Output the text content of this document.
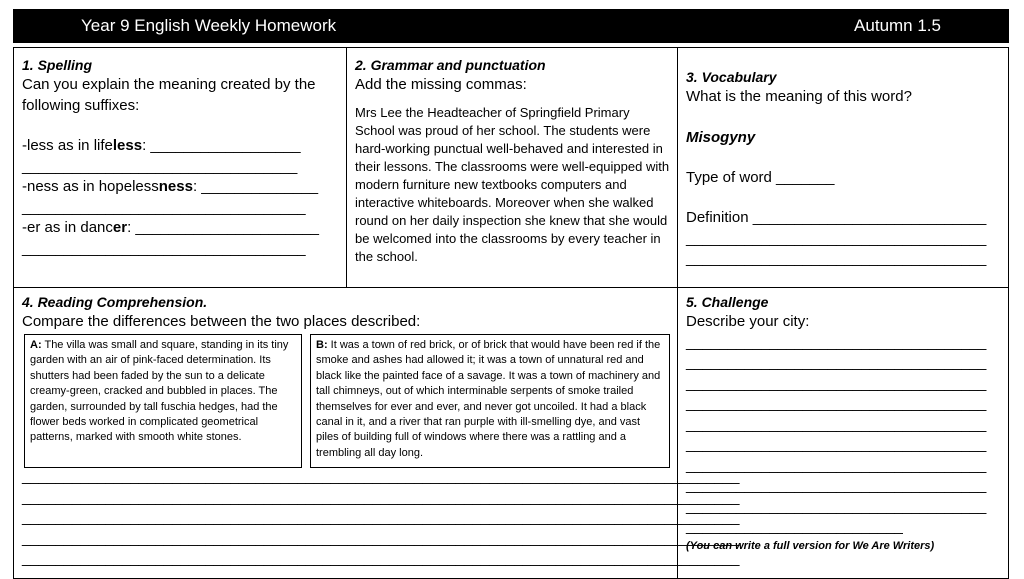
Year 9 English Weekly Homework	Autumn 1.5
1. Spelling
Can you explain the meaning created by the following suffixes:
-less as in lifeless: __________________
_________________________________
-ness as in hopelessness: ______________
__________________________________
-er as in dancer: ______________________
__________________________________
2. Grammar and punctuation
Add the missing commas:
Mrs Lee the Headteacher of Springfield Primary School was proud of her school. The students were hard-working punctual well-behaved and interested in their lessons. The classrooms were well-equipped with modern furniture new textbooks computers and interactive whiteboards. Moreover when she walked round on her daily inspection she knew that she would be welcomed into the classrooms by every teacher in the school.
3. Vocabulary
What is the meaning of this word?
Misogyny
Type of word _______
Definition ____________________________
____________________________________
____________________________________
4. Reading Comprehension.
Compare the differences between the two places described:
A: The villa was small and square, standing in its tiny garden with an air of pink-faced determination. Its shutters had been faded by the sun to a delicate creamy-green, cracked and bubbled in places. The garden, surrounded by tall fuschia hedges, had the flower beds worked in complicated geometrical patterns, marked with smooth white stones.
B: It was a town of red brick, or of brick that would have been red if the smoke and ashes had allowed it; it was a town of unnatural red and black like the painted face of a savage. It was a town of machinery and tall chimneys, out of which interminable serpents of smoke trailed themselves for ever and ever, and never got uncoiled. It had a black canal in it, and a river that ran purple with ill-smelling dye, and vast piles of building full of windows where there was a rattling and a trembling all day long.
______________________________________________________________________________________
______________________________________________________________________________________
______________________________________________________________________________________
______________________________________________________________________________________
______________________________________________________________________________________
5. Challenge
Describe your city:
____________________________________
____________________________________
____________________________________
____________________________________
____________________________________
____________________________________
____________________________________
____________________________________
____________________________________
__________________________
(You can write a full version for We Are Writers)
